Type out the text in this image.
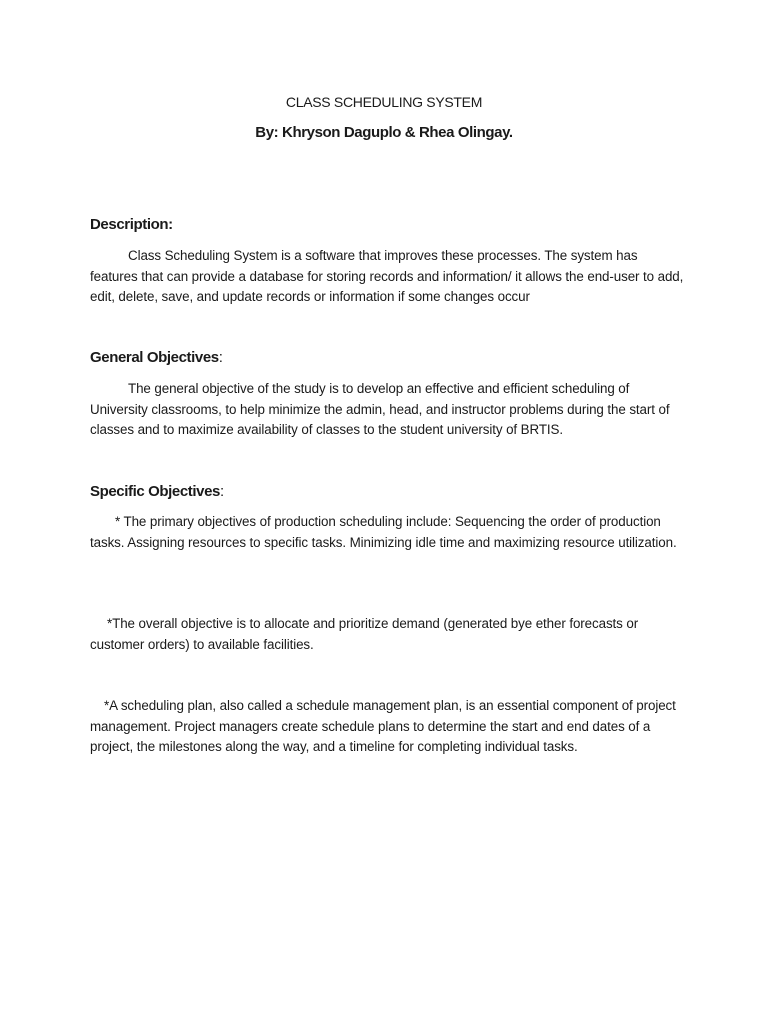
CLASS SCHEDULING SYSTEM
By: Khryson Daguplo & Rhea Olingay.
Description:

Class Scheduling System is a software that improves these processes. The system has features that can provide a database for storing records and information/ it allows the end-user to add, edit, delete, save, and update records or information if some changes occur

General Objectives:

The general objective of the study is to develop an effective and efficient scheduling of University classrooms, to help minimize the admin, head, and instructor problems during the start of classes and to maximize availability of classes to the student university of BRTIS.

Specific Objectives:

* The primary objectives of production scheduling include: Sequencing the order of production tasks. Assigning resources to specific tasks. Minimizing idle time and maximizing resource utilization.

*The overall objective is to allocate and prioritize demand (generated bye ether forecasts or customer orders) to available facilities.

*A scheduling plan, also called a schedule management plan, is an essential component of project management. Project managers create schedule plans to determine the start and end dates of a project, the milestones along the way, and a timeline for completing individual tasks.
